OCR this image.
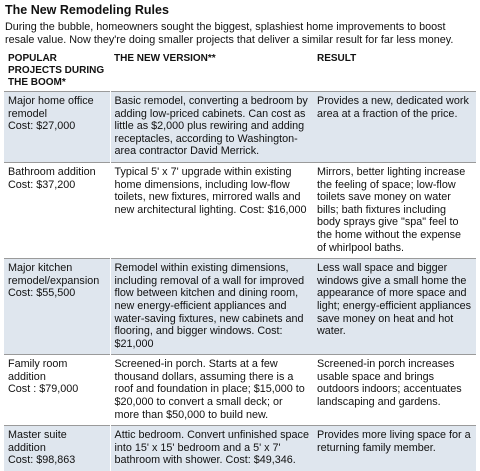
The New Remodeling Rules
During the bubble, homeowners sought the biggest, splashiest home improvements to boost resale value. Now they're doing smaller projects that deliver a similar result for far less money.
POPULAR PROJECTS DURING THE BOOM*	THE NEW VERSION**	RESULT

Major home office remodel
Cost: $27,000	Basic remodel, converting a bedroom by adding low-priced cabinets. Can cost as little as $2,000 plus rewiring and adding receptacles, according to Washington-area contractor David Merrick.	Provides a new, dedicated work area at a fraction of the price.

Bathroom addition
Cost: $37,200	Typical 5' x 7' upgrade within existing home dimensions, including low-flow toilets, new fixtures, mirrored walls and new architectural lighting. Cost: $16,000	Mirrors, better lighting increase the feeling of space; low-flow toilets save money on water bills; bath fixtures including body sprays give "spa" feel to the home without the expense of whirlpool baths.

Major kitchen remodel/expansion
Cost: $55,500	Remodel within existing dimensions, including removal of a wall for improved flow between kitchen and dining room, new energy-efficient appliances and water-saving fixtures, new cabinets and flooring, and bigger windows. Cost: $21,000	Less wall space and bigger windows give a small home the appearance of more space and light; energy-efficient appliances save money on heat and hot water.

Family room addition
Cost : $79,000	Screened-in porch. Starts at a few thousand dollars, assuming there is a roof and foundation in place; $15,000 to $20,000 to convert a small deck; or more than $50,000 to build new.	Screened-in porch increases usable space and brings outdoors indoors; accentuates landscaping and gardens.

Master suite addition
Cost: $98,863	Attic bedroom. Convert unfinished space into 15' x 15' bedroom and a 5' x 7' bathroom with shower. Cost: $49,346.	Provides more living space for a returning family member.
